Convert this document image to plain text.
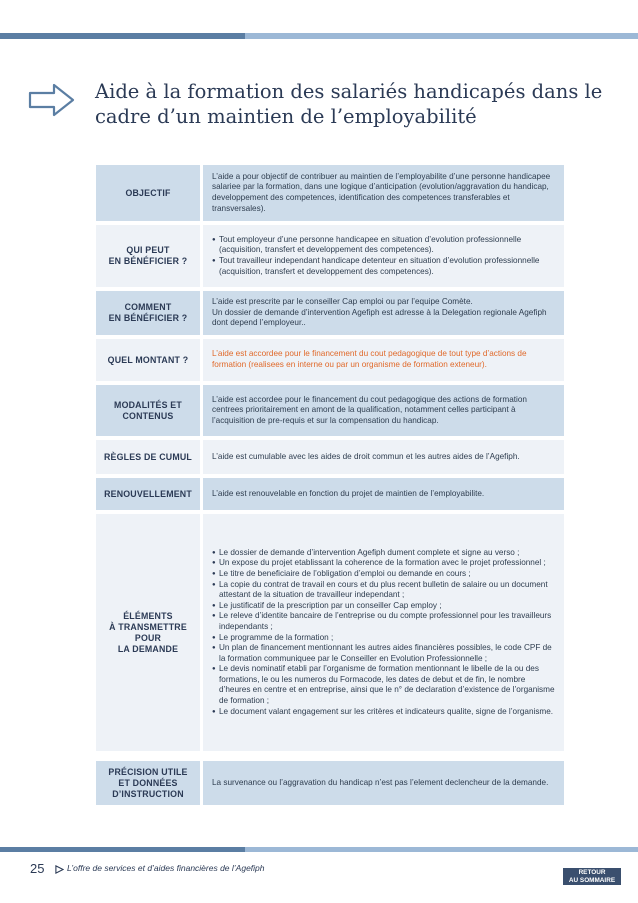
Aide à la formation des salariés handicapés dans le
cadre d’un maintien de l’employabilité
OBJECTIF
L’aide a pour objectif de contribuer au maintien de l’employabilite d’une personne handicapee salariee par la formation, dans une logique d’anticipation (evolution/aggravation du handicap, developpement des competences, identification des competences transferables et transversales).
QUI PEUT
EN BÉNÉFICIER ?
● Tout employeur d’une personne handicapee en situation d’evolution professionnelle (acquisition, transfert et developpement des competences).
● Tout travailleur independant handicape detenteur en situation d’evolution professionnelle (acquisition, transfert et developpement des competences).
COMMENT
EN BÉNÉFICIER ?
L’aide est prescrite par le conseiller Cap emploi ou par l’equipe Comète.
Un dossier de demande d’intervention Agefiph est adresse à la Delegation regionale Agefiph dont depend l’employeur..
QUEL MONTANT ?
L’aide est accordee pour le financement du cout pedagogique de tout type d’actions de formation (realisees en interne ou par un organisme de formation exteneur).
MODALITÉS ET
CONTENUS
L’aide est accordee pour le financement du cout pedagogique des actions de formation centrees prioritairement en amont de la qualification, notamment celles participant à l’acquisition de pre-requis et sur la compensation du handicap.
RÈGLES DE CUMUL L’aide est cumulable avec les aides de droit commun et les autres aides de l’Agefiph.
RENOUVELLEMENT L’aide est renouvelable en fonction du projet de maintien de l’employabilite.
ÉLÉMENTS
À TRANSMETTRE
POUR
LA DEMANDE
● Le dossier de demande d’intervention Agefiph dument complete et signe au verso ;
● Un expose du projet etablissant la coherence de la formation avec le projet professionnel ;
● Le titre de beneficiaire de l’obligation d’emploi ou demande en cours ;
● La copie du contrat de travail en cours et du plus recent bulletin de salaire ou un document attestant de la situation de travailleur independant ;
● Le justificatif de la prescription par un conseiller Cap employ ;
● Le releve d’identite bancaire de l’entreprise ou du compte professionnel pour les travailleurs independants ;
● Le programme de la formation ;
● Un plan de financement mentionnant les autres aides financières possibles, le code CPF de la formation communiquee par le Conseiller en Evolution Professionnelle ;
● Le devis nominatif etabli par l’organisme de formation mentionnant le libelle de la ou des formations, le ou les numeros du Formacode, les dates de debut et de fin, le nombre d’heures en centre et en entreprise, ainsi que le n° de declaration d’existence de l’organisme de formation ;
● Le document valant engagement sur les critères et indicateurs qualite, signe de l’organisme.
PRÉCISION UTILE
ET DONNÉES
D’INSTRUCTION
La survenance ou l’aggravation du handicap n’est pas l’element declencheur de la demande.
25	L’offre de services et d’aides financières de l’Agefiph	RETOUR
AU SOMMAIRE
